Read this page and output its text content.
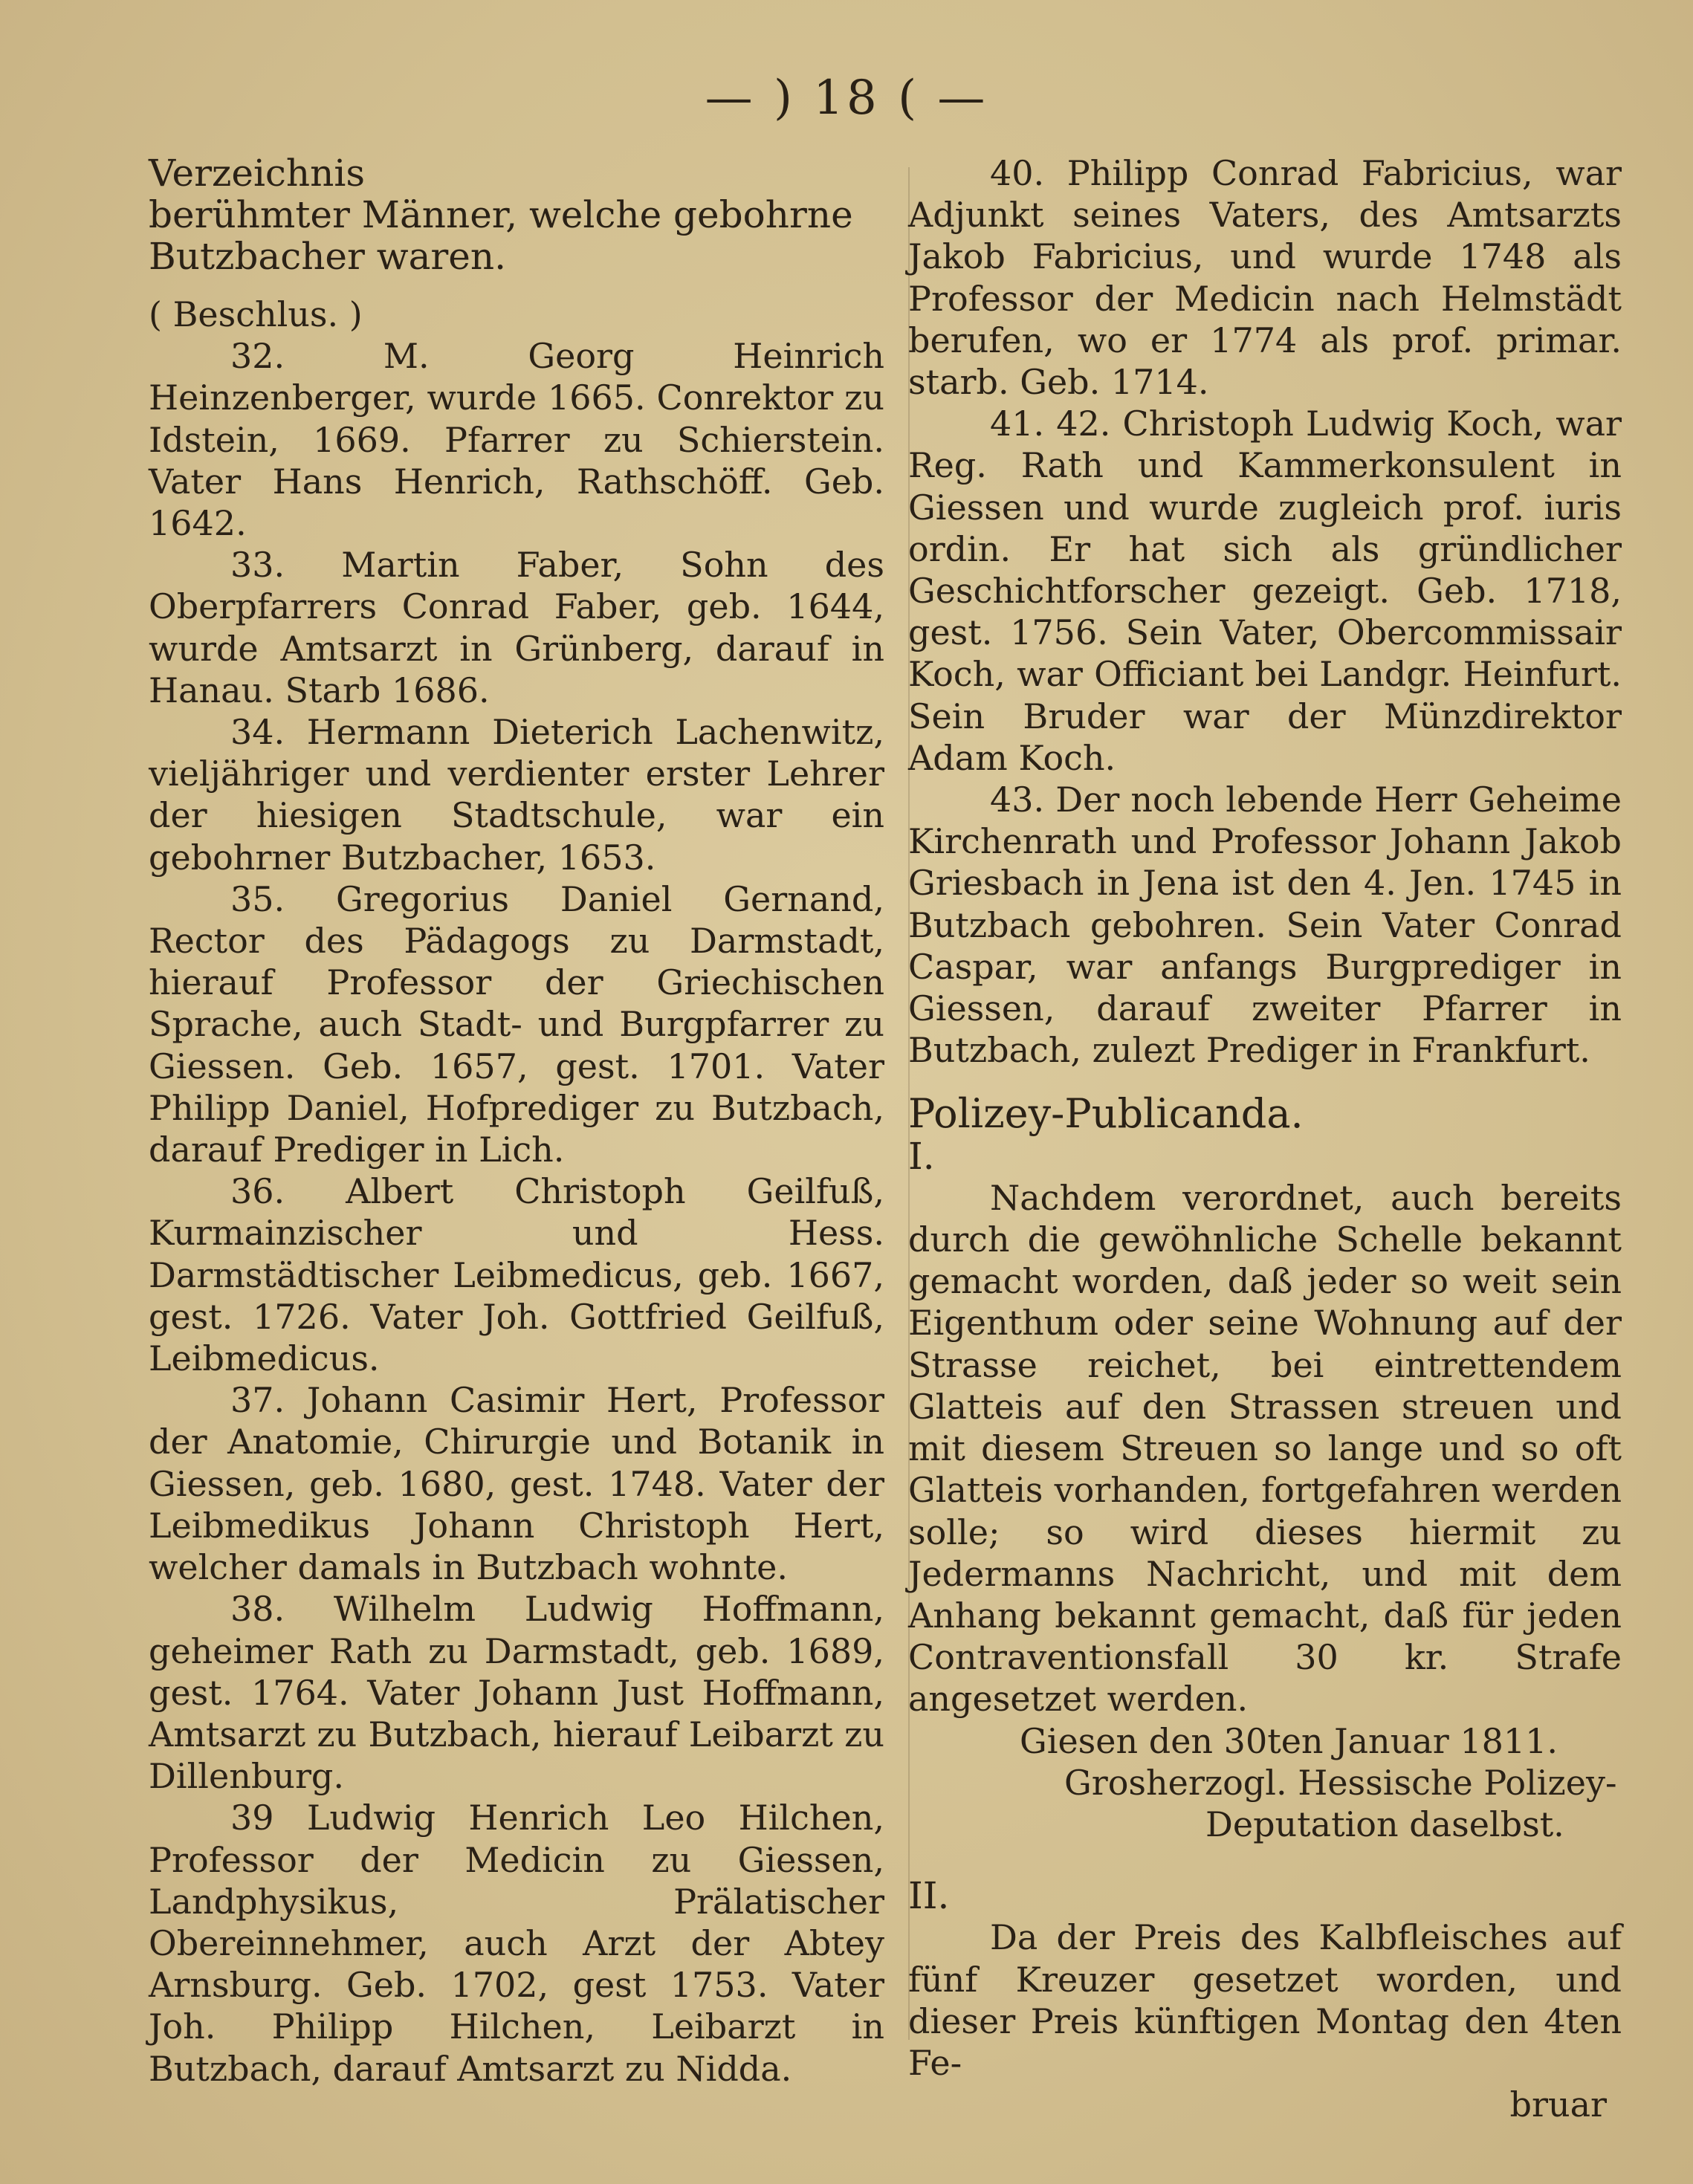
— ) 18 ( —

Verzeichnis

berühmter Männer, welche gebohrne

Butzbacher waren.

( Beschlus. )

32. M. Georg Heinrich Heinzenberger, wurde 1665. Conrektor zu Idstein, 1669. Pfarrer zu Schierstein. Vater Hans Henrich, Rathschöff. Geb. 1642.

33. Martin Faber, Sohn des Oberpfarrers Conrad Faber, geb. 1644, wurde Amtsarzt in Grünberg, darauf in Hanau. Starb 1686.

34. Hermann Dieterich Lachenwitz, vieljähriger und verdienter erster Lehrer der hiesigen Stadtschule, war ein gebohrner Butzbacher, 1653.

35. Gregorius Daniel Gernand, Rector des Pädagogs zu Darmstadt, hierauf Professor der Griechischen Sprache, auch Stadt- und Burgpfarrer zu Giessen. Geb. 1657, gest. 1701. Vater Philipp Daniel, Hofprediger zu Butzbach, darauf Prediger in Lich.

36. Albert Christoph Geilfuß, Kurmainzischer und Hess. Darmstädtischer Leibmedicus, geb. 1667, gest. 1726. Vater Joh. Gottfried Geilfuß, Leibmedicus.

37. Johann Casimir Hert, Professor der Anatomie, Chirurgie und Botanik in Giessen, geb. 1680, gest. 1748. Vater der Leibmedikus Johann Christoph Hert, welcher damals in Butzbach wohnte.

38. Wilhelm Ludwig Hoffmann, geheimer Rath zu Darmstadt, geb. 1689, gest. 1764. Vater Johann Just Hoffmann, Amtsarzt zu Butzbach, hierauf Leibarzt zu Dillenburg.

39 Ludwig Henrich Leo Hilchen, Professor der Medicin zu Giessen, Landphysikus, Prälatischer Obereinnehmer, auch Arzt der Abtey Arnsburg. Geb. 1702, gest 1753. Vater Joh. Philipp Hilchen, Leibarzt in Butzbach, darauf Amtsarzt zu Nidda.

40. Philipp Conrad Fabricius, war Adjunkt seines Vaters, des Amtsarzts Jakob Fabricius, und wurde 1748 als Professor der Medicin nach Helmstädt berufen, wo er 1774 als prof. primar. starb. Geb. 1714.

41. 42. Christoph Ludwig Koch, war Reg. Rath und Kammerkonsulent in Giessen und wurde zugleich prof. iuris ordin. Er hat sich als gründlicher Geschichtforscher gezeigt. Geb. 1718, gest. 1756. Sein Vater, Obercommissair Koch, war Officiant bei Landgr. Heinfurt. Sein Bruder war der Münzdirektor Adam Koch.

43. Der noch lebende Herr Geheime Kirchenrath und Professor Johann Jakob Griesbach in Jena ist den 4. Jen. 1745 in Butzbach gebohren. Sein Vater Conrad Caspar, war anfangs Burgprediger in Giessen, darauf zweiter Pfarrer in Butzbach, zulezt Prediger in Frankfurt.

Polizey-Publicanda.

I.

Nachdem verordnet, auch bereits durch die gewöhnliche Schelle bekannt gemacht worden, daß jeder so weit sein Eigenthum oder seine Wohnung auf der Strasse reichet, bei eintrettendem Glatteis auf den Strassen streuen und mit diesem Streuen so lange und so oft Glatteis vorhanden, fortgefahren werden solle; so wird dieses hiermit zu Jedermanns Nachricht, und mit dem Anhang bekannt gemacht, daß für jeden Contraventionsfall 30 kr. Strafe angesetzet werden.

Giesen den 30ten Januar 1811.

Grosherzogl. Hessische Polizey-

Deputation daselbst.

II.

Da der Preis des Kalbfleisches auf fünf Kreuzer gesetzet worden, und dieser Preis künftigen Montag den 4ten Fe-

bruar
